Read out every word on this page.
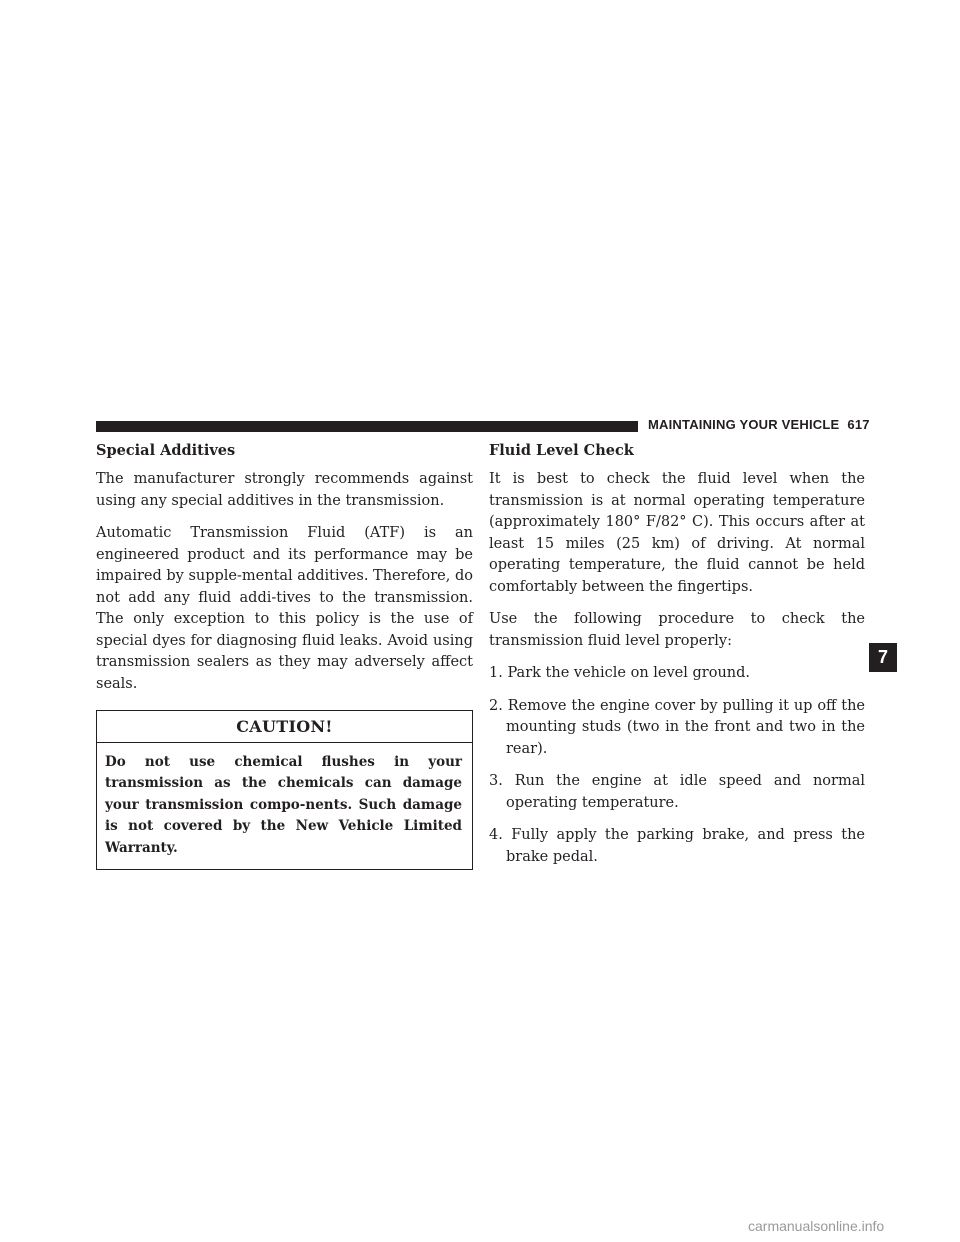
MAINTAINING YOUR VEHICLE 617
Special Additives

The manufacturer strongly recommends against using any special additives in the transmission.

Automatic Transmission Fluid (ATF) is an engineered product and its performance may be impaired by supple-mental additives. Therefore, do not add any fluid addi-tives to the transmission. The only exception to this policy is the use of special dyes for diagnosing fluid leaks. Avoid using transmission sealers as they may adversely affect seals.

CAUTION!
Do not use chemical flushes in your transmission as the chemicals can damage your transmission compo-nents. Such damage is not covered by the New Vehicle Limited Warranty.
Fluid Level Check

It is best to check the fluid level when the transmission is at normal operating temperature (approximately 180° F/82° C). This occurs after at least 15 miles (25 km) of driving. At normal operating temperature, the fluid cannot be held comfortably between the fingertips.

Use the following procedure to check the transmission fluid level properly:

1. Park the vehicle on level ground.
2. Remove the engine cover by pulling it up off the mounting studs (two in the front and two in the rear).
3. Run the engine at idle speed and normal operating temperature.
4. Fully apply the parking brake, and press the brake pedal.
7
carmanualsonline.info
